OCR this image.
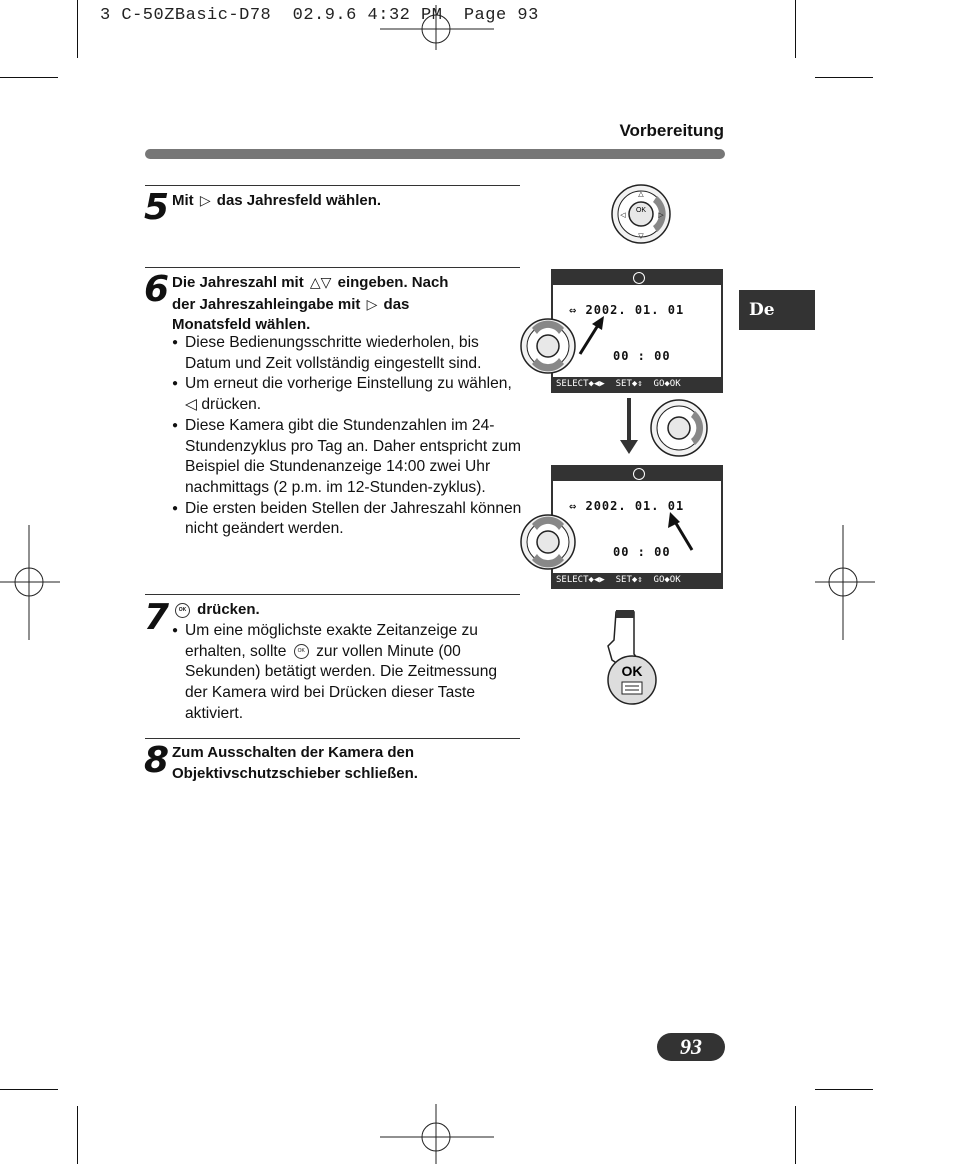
3 C-50ZBasic-D78  02.9.6 4:32 PM  Page 93
Vorbereitung
De
5 Mit ▷ das Jahresfeld wählen.
6 Die Jahreszahl mit △▽ eingeben. Nach
der Jahreszahleingabe mit ▷ das
Monatsfeld wählen.
● Diese Bedienungsschritte wiederholen, bis Datum und Zeit vollständig eingestellt sind.
● Um erneut die vorherige Einstellung zu wählen, ◁ drücken.
● Diese Kamera gibt die Stundenzahlen im 24-Stundenzyklus pro Tag an. Daher entspricht zum Beispiel die Stundenanzeige 14:00 zwei Uhr nachmittags (2 p.m. im 12-Stunden-zyklus).
● Die ersten beiden Stellen der Jahreszahl können nicht geändert werden.
7	OK drücken.
● Um eine möglichste exakte Zeitanzeige zu erhalten, sollte OK zur vollen Minute (00 Sekunden) betätigt werden. Die Zeitmessung der Kamera wird bei Drücken dieser Taste aktiviert.
8 Zum Ausschalten der Kamera den Objektivschutzschieber schließen.
OK
△
▽
◁	▷
⇔ 2002. 01. 01
00 : 00
SELECT◆◀▶  SET◆⇕  GO◆OK
⇔ 2002. 01. 01
00 : 00
SELECT◆◀▶  SET◆⇕  GO◆OK
OK
93
